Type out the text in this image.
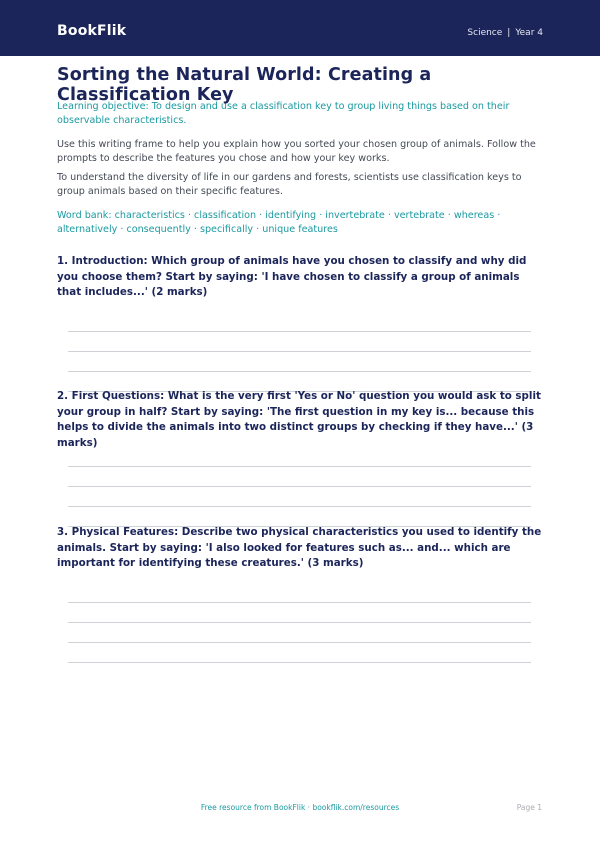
BookFlik	Science | Year 4
Sorting the Natural World: Creating a Classification Key

Learning objective: To design and use a classification key to group living things based on their observable characteristics.

Use this writing frame to help you explain how you sorted your chosen group of animals. Follow the prompts to describe the features you chose and how your key works.

To understand the diversity of life in our gardens and forests, scientists use classification keys to group animals based on their specific features.

Word bank: characteristics · classification · identifying · invertebrate · vertebrate · whereas · alternatively · consequently · specifically · unique features

1. Introduction: Which group of animals have you chosen to classify and why did you choose them? Start by saying: 'I have chosen to classify a group of animals that includes...' (2 marks)

2. First Questions: What is the very first 'Yes or No' question you would ask to split your group in half? Start by saying: 'The first question in my key is... because this helps to divide the animals into two distinct groups by checking if they have...' (3 marks)

3. Physical Features: Describe two physical characteristics you used to identify the animals. Start by saying: 'I also looked for features such as... and... which are important for identifying these creatures.' (3 marks)

Free resource from BookFlik · bookflik.com/resources	Page 1
